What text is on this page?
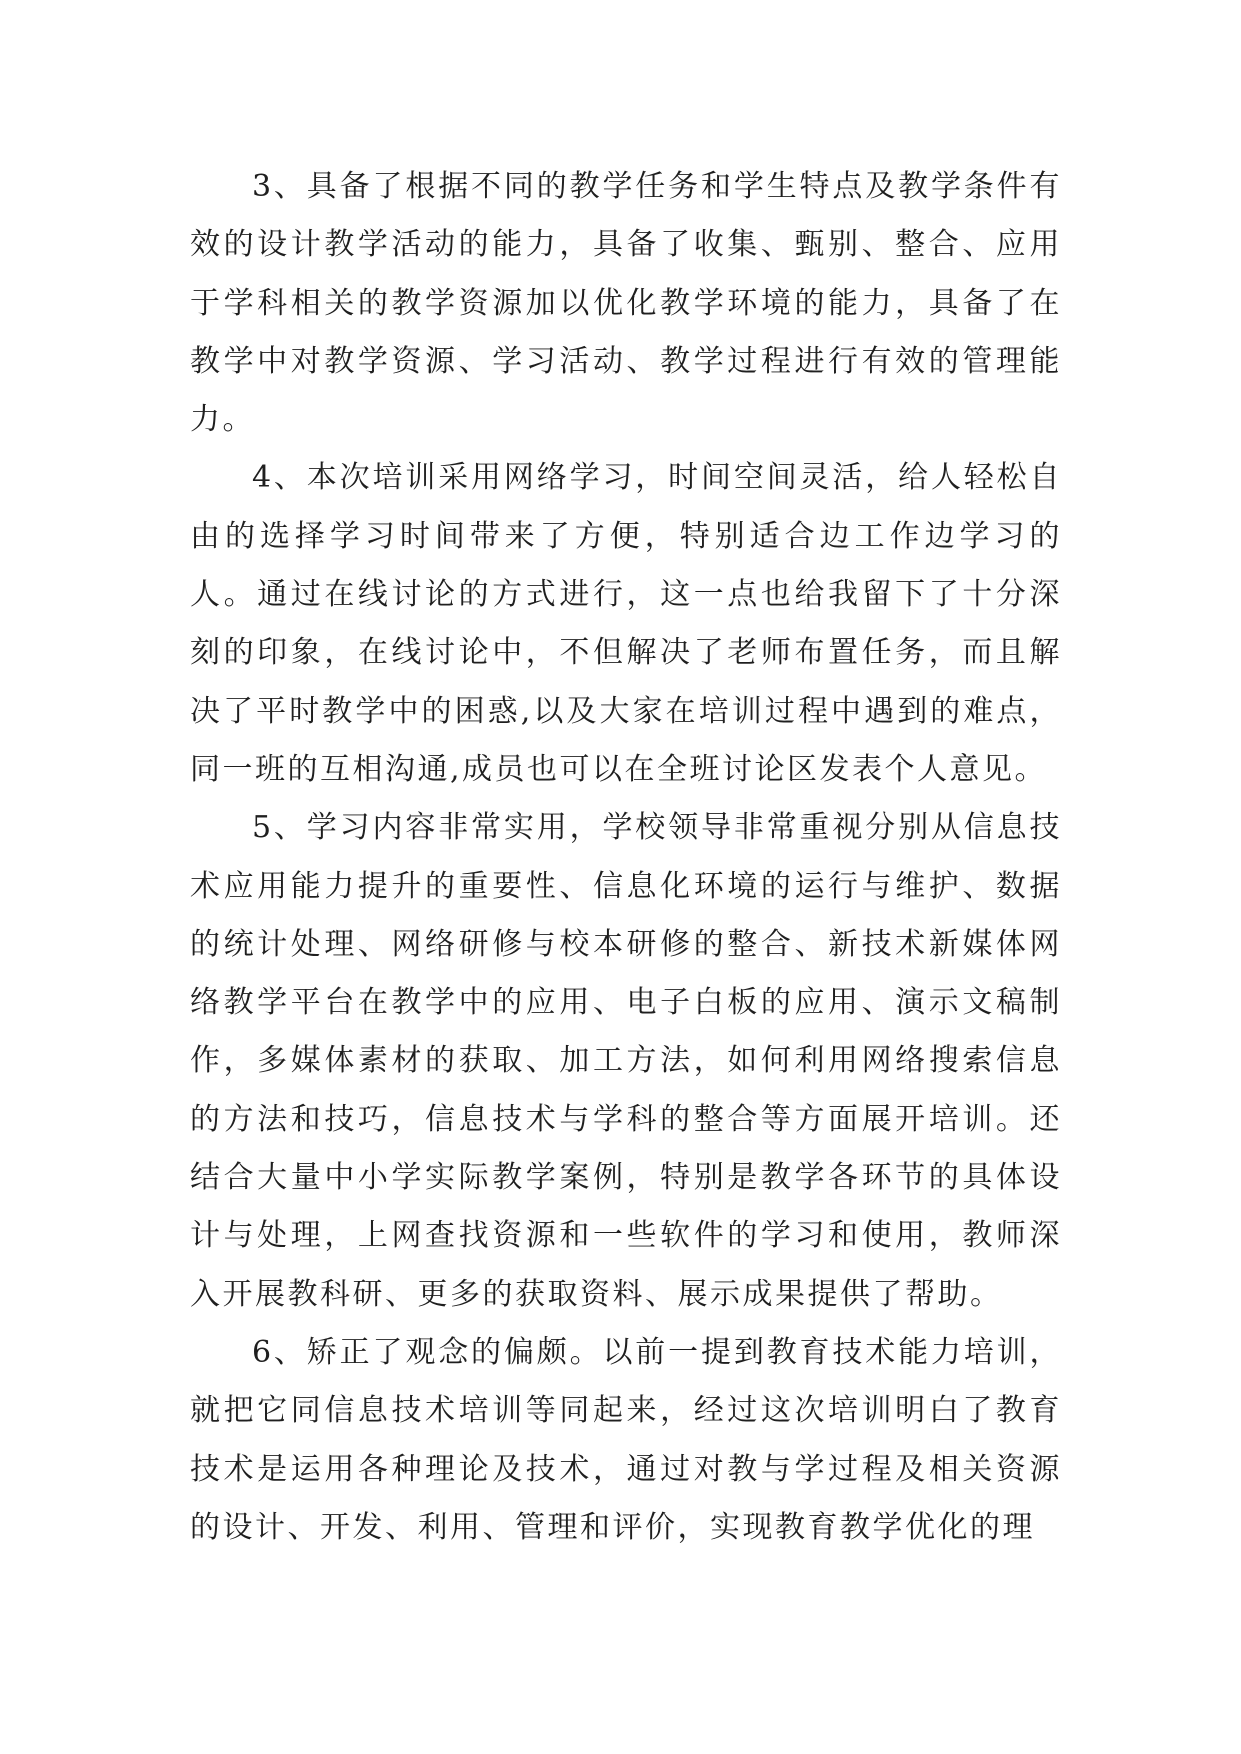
3、具备了根据不同的教学任务和学生特点及教学条件有效的设计教学活动的能力，具备了收集、甄别、整合、应用于学科相关的教学资源加以优化教学环境的能力，具备了在教学中对教学资源、学习活动、教学过程进行有效的管理能力。

4、本次培训采用网络学习，时间空间灵活，给人轻松自由的选择学习时间带来了方便，特别适合边工作边学习的人。通过在线讨论的方式进行，这一点也给我留下了十分深刻的印象，在线讨论中，不但解决了老师布置任务，而且解决了平时教学中的困惑,以及大家在培训过程中遇到的难点，同一班的互相沟通,成员也可以在全班讨论区发表个人意见。

5、学习内容非常实用，学校领导非常重视分别从信息技术应用能力提升的重要性、信息化环境的运行与维护、数据的统计处理、网络研修与校本研修的整合、新技术新媒体网络教学平台在教学中的应用、电子白板的应用、演示文稿制作，多媒体素材的获取、加工方法，如何利用网络搜索信息的方法和技巧，信息技术与学科的整合等方面展开培训。还结合大量中小学实际教学案例，特别是教学各环节的具体设计与处理，上网查找资源和一些软件的学习和使用，教师深入开展教科研、更多的获取资料、展示成果提供了帮助。

6、矫正了观念的偏颇。以前一提到教育技术能力培训，就把它同信息技术培训等同起来，经过这次培训明白了教育技术是运用各种理论及技术，通过对教与学过程及相关资源的设计、开发、利用、管理和评价，实现教育教学优化的理
